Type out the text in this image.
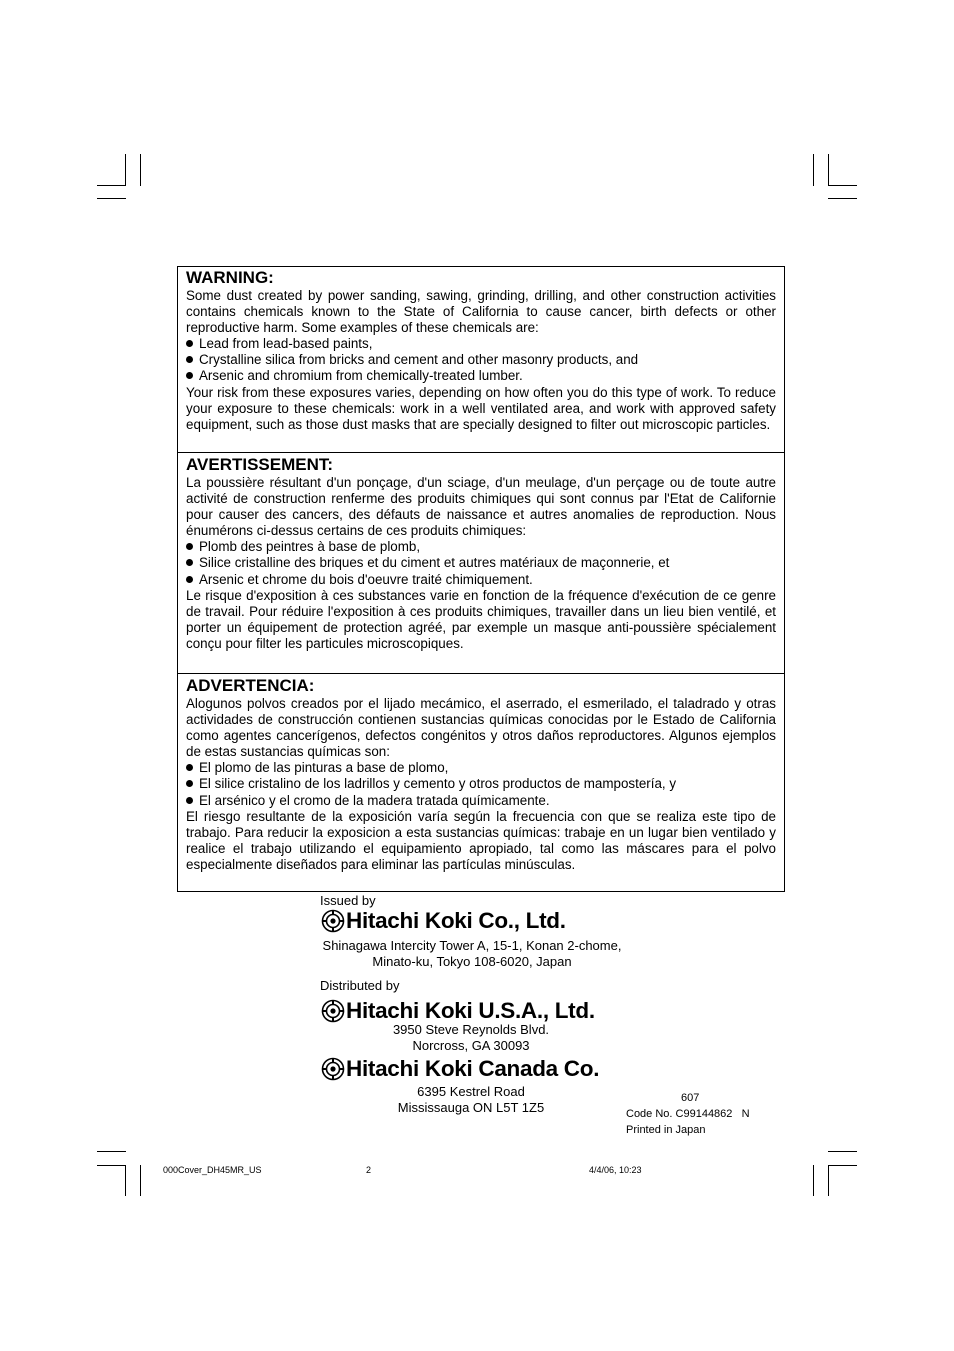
WARNING:

Some dust created by power sanding, sawing, grinding, drilling, and other construction activities contains chemicals known to the State of California to cause cancer, birth defects or other reproductive harm. Some examples of these chemicals are:

Lead from lead-based paints,

Crystalline silica from bricks and cement and other masonry products, and

Arsenic and chromium from chemically-treated lumber.

Your risk from these exposures varies, depending on how often you do this type of work. To reduce your exposure to these chemicals: work in a well ventilated area, and work with approved safety equipment, such as those dust masks that are specially designed to filter out microscopic particles.

AVERTISSEMENT:

La poussière résultant d'un ponçage, d'un sciage, d'un meulage, d'un perçage ou de toute autre activité de construction renferme des produits chimiques qui sont connus par l'Etat de Californie pour causer des cancers, des défauts de naissance et autres anomalies de reproduction. Nous énumérons ci-dessus certains de ces produits chimiques:

Plomb des peintres à base de plomb,

Silice cristalline des briques et du ciment et autres matériaux de maçonnerie, et

Arsenic et chrome du bois d'oeuvre traité chimiquement.

Le risque d'exposition à ces substances varie en fonction de la fréquence d'exécution de ce genre de travail. Pour réduire l'exposition à ces produits chimiques, travailler dans un lieu bien ventilé, et porter un équipement de protection agréé, par exemple un masque anti-poussière spécialement conçu pour filter les particules microscopiques.

ADVERTENCIA:

Alogunos polvos creados por el lijado mecámico, el aserrado, el esmerilado, el taladrado y otras actividades de construcción contienen sustancias químicas conocidas por le Estado de California como agentes cancerígenos, defectos congénitos y otros daños reproductores. Algunos ejemplos de estas sustancias químicas son:

El plomo de las pinturas a base de plomo,

El silice cristalino de los ladrillos y cemento y otros productos de mampostería, y

El arsénico y el cromo de la madera tratada químicamente.

El riesgo resultante de la exposición varía según la frecuencia con que se realiza este tipo de trabajo. Para reducir la exposicion a esta sustancias químicas: trabaje en un lugar bien ventilado y realice el trabajo utilizando el equipamiento apropiado, tal como las máscares para el polvo especialmente diseñados para eliminar las partículas minúsculas.

Issued by
Hitachi Koki Co., Ltd.
Shinagawa Intercity Tower A, 15-1, Konan 2-chome,
Minato-ku, Tokyo 108-6020, Japan
Distributed by
Hitachi Koki U.S.A., Ltd.
3950 Steve Reynolds Blvd.
Norcross, GA 30093
Hitachi Koki Canada Co.
6395 Kestrel Road
Mississauga ON L5T 1Z5
607
Code No. C99144862   N
Printed in Japan
000Cover_DH45MR_US	2	4/4/06, 10:23
